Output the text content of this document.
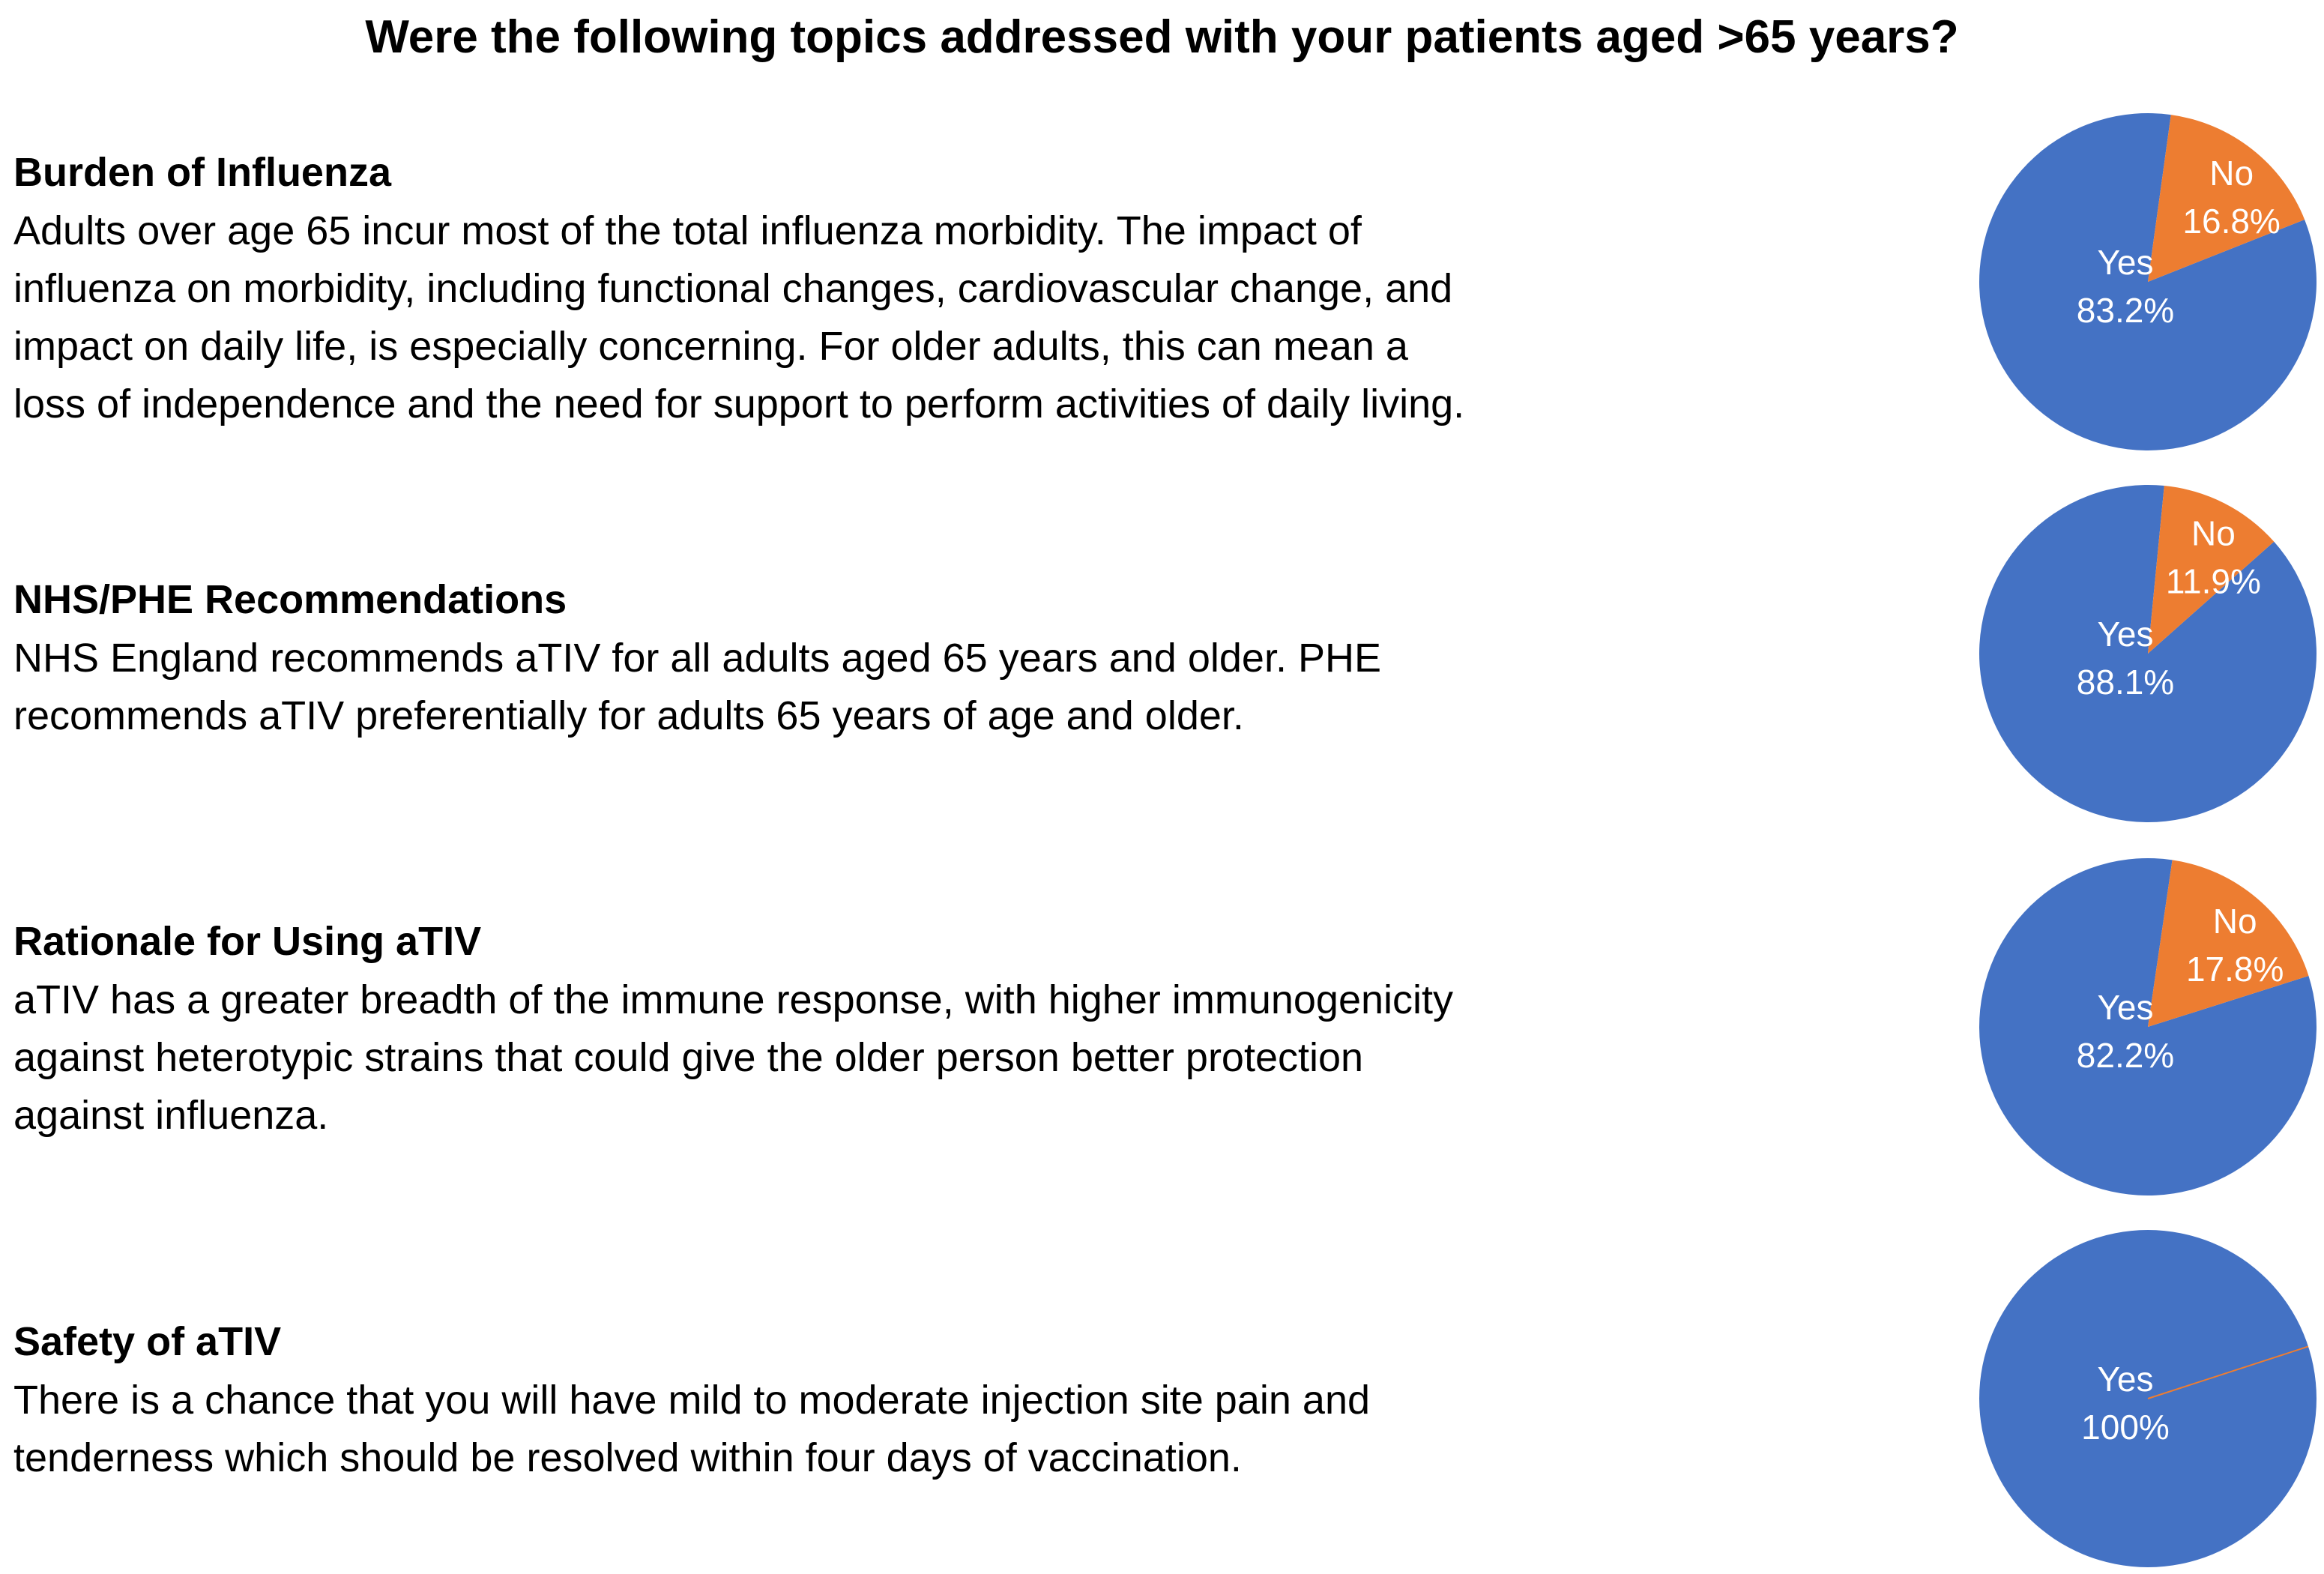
Were the following topics addressed with your patients aged >65 years?
Burden of Influenza

Adults over age 65 incur most of the total influenza morbidity. The impact of

influenza on morbidity, including functional changes, cardiovascular change, and

impact on daily life, is especially concerning. For older adults, this can mean a

loss of independence and the need for support to perform activities of daily living.

NHS/PHE Recommendations

NHS England recommends aTIV for all adults aged 65 years and older. PHE

recommends aTIV preferentially for adults 65 years of age and older.

Rationale for Using aTIV

aTIV has a greater breadth of the immune response, with higher immunogenicity

against heterotypic strains that could give the older person better protection

against influenza.

Safety of aTIV

There is a chance that you will have mild to moderate injection site pain and

tenderness which should be resolved within four days of vaccination.

Yes
83.2%
No
16.8%
Yes
88.1%
No
11.9%
Yes
82.2%
No
17.8%
Yes
100%
